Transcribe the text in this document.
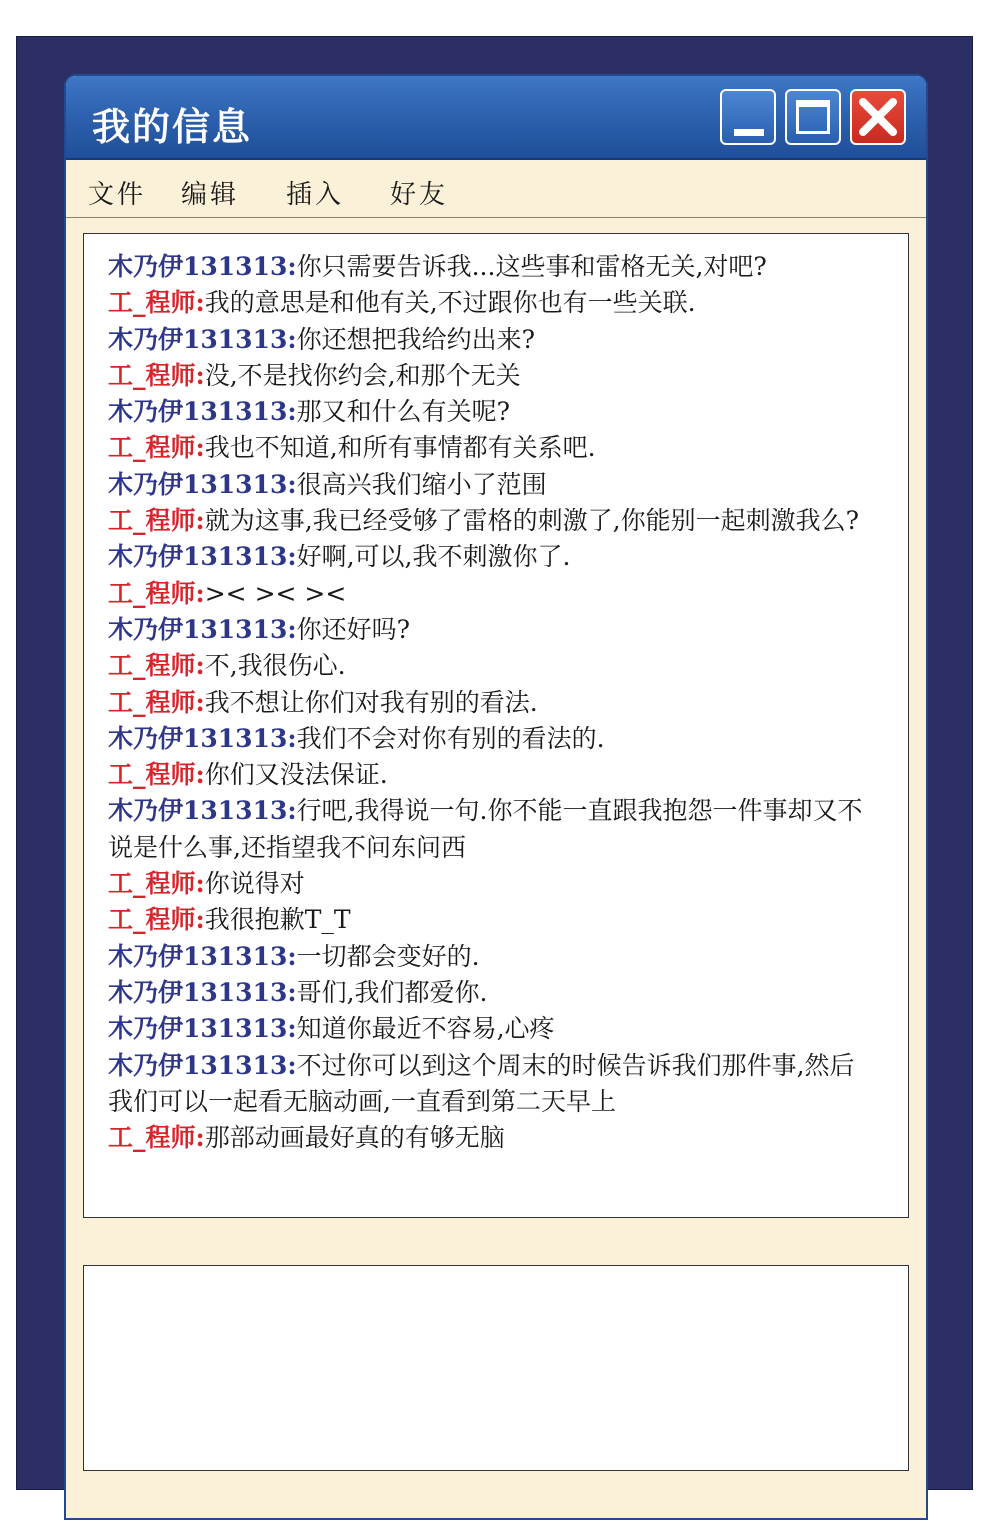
我的信息
文件 编辑 插入 好友
木乃伊131313:你只需要告诉我...这些事和雷格无关,对吧?
工_程师:我的意思是和他有关,不过跟你也有一些关联.
木乃伊131313:你还想把我给约出来?
工_程师:没,不是找你约会,和那个无关
木乃伊131313:那又和什么有关呢?
工_程师:我也不知道,和所有事情都有关系吧.
木乃伊131313:很高兴我们缩小了范围
工_程师:就为这事,我已经受够了雷格的刺激了,你能别一起刺激我么?
木乃伊131313:好啊,可以,我不刺激你了.
工_程师:>< >< ><
木乃伊131313:你还好吗?
工_程师:不,我很伤心.
工_程师:我不想让你们对我有别的看法.
木乃伊131313:我们不会对你有别的看法的.
工_程师:你们又没法保证.
木乃伊131313:行吧,我得说一句.你不能一直跟我抱怨一件事却又不说是什么事,还指望我不问东问西
工_程师:你说得对
工_程师:我很抱歉T_T
木乃伊131313:一切都会变好的.
木乃伊131313:哥们,我们都爱你.
木乃伊131313:知道你最近不容易,心疼
木乃伊131313:不过你可以到这个周末的时候告诉我们那件事,然后我们可以一起看无脑动画,一直看到第二天早上
工_程师:那部动画最好真的有够无脑
